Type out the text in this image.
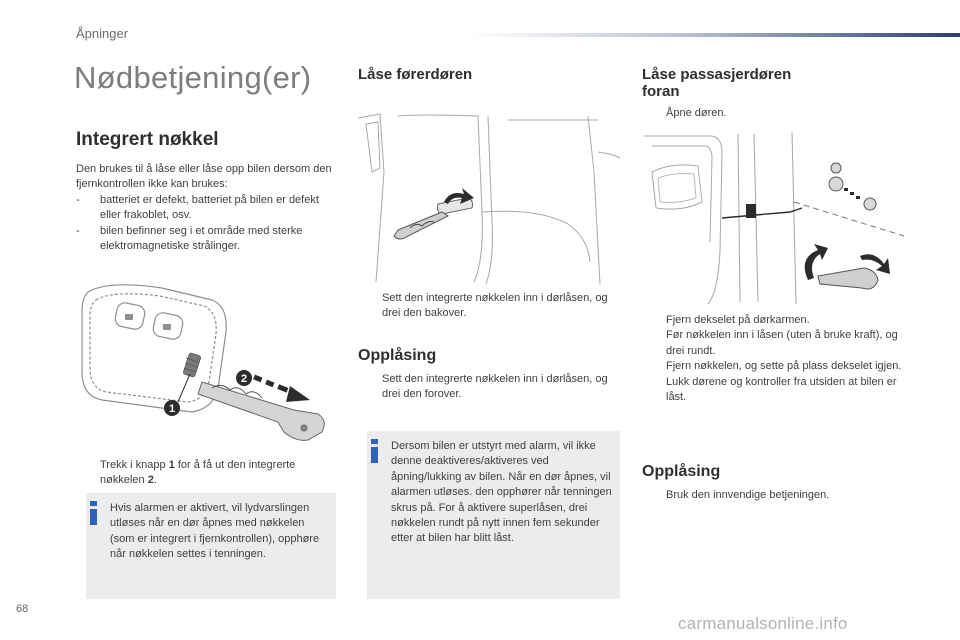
Åpninger
Nødbetjening(er)
Integrert nøkkel

Den brukes til å låse eller låse opp bilen dersom den fjernkontrollen ikke kan brukes:

- batteriet er defekt, batteriet på bilen er defekt eller frakoblet, osv.
- bilen befinner seg i et område med sterke elektromagnetiske strålinger.
1
2
Trekk i knapp 1 for å få ut den integrerte nøkkelen 2.

Hvis alarmen er aktivert, vil lydvarslingen utløses når en dør åpnes med nøkkelen (som er integrert i fjernkontrollen), opphøre når nøkkelen settes i tenningen.

Låse førerdøren
Sett den integrerte nøkkelen inn i dørlåsen, og drei den bakover.
Opplåsing
Sett den integrerte nøkkelen inn i dørlåsen, og drei den forover.

Dersom bilen er utstyrt med alarm, vil ikke denne deaktiveres/aktiveres ved åpning/lukking av bilen. Når en dør åpnes, vil alarmen utløses. den opphører når tenningen skrus på. For å aktivere superlåsen, drei nøkkelen rundt på nytt innen fem sekunder etter at bilen har blitt låst.

Låse passasjerdøren
foran
Åpne døren.
Fjern dekselet på dørkarmen.
Før nøkkelen inn i låsen (uten å bruke kraft), og drei rundt.
Fjern nøkkelen, og sette på plass dekselet igjen.
Lukk dørene og kontroller fra utsiden at bilen er låst.
Opplåsing
Bruk den innvendige betjeningen.
68
carmanualsonline.info
